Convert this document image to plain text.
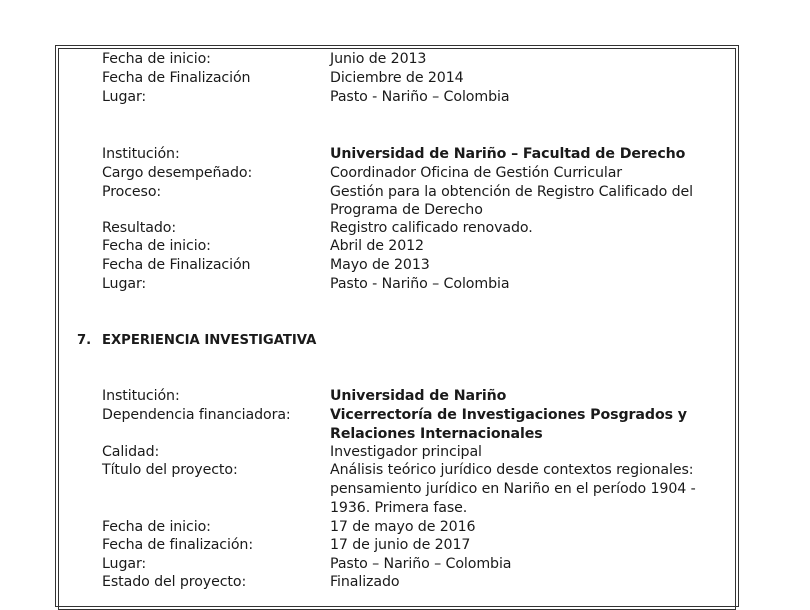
Fecha de inicio:	Junio de 2013
Fecha de Finalización	Diciembre de 2014
Lugar:	Pasto - Nariño – Colombia
Institución:	Universidad de Nariño – Facultad de Derecho
Cargo desempeñado:	Coordinador Oficina de Gestión Curricular
Proceso:	Gestión para la obtención de Registro Calificado del
Programa de Derecho
Resultado:	Registro calificado renovado.
Fecha de inicio:	Abril de 2012
Fecha de Finalización	Mayo de 2013
Lugar:	Pasto - Nariño – Colombia
7. EXPERIENCIA INVESTIGATIVA
Institución:	Universidad de Nariño
Dependencia financiadora:	Vicerrectoría de Investigaciones Posgrados y
Relaciones Internacionales
Calidad:	Investigador principal
Título del proyecto:	Análisis teórico jurídico desde contextos regionales:
pensamiento jurídico en Nariño en el período 1904 -
1936. Primera fase.
Fecha de inicio:	17 de mayo de 2016
Fecha de finalización:	17 de junio de 2017
Lugar:	Pasto – Nariño – Colombia
Estado del proyecto:	Finalizado
